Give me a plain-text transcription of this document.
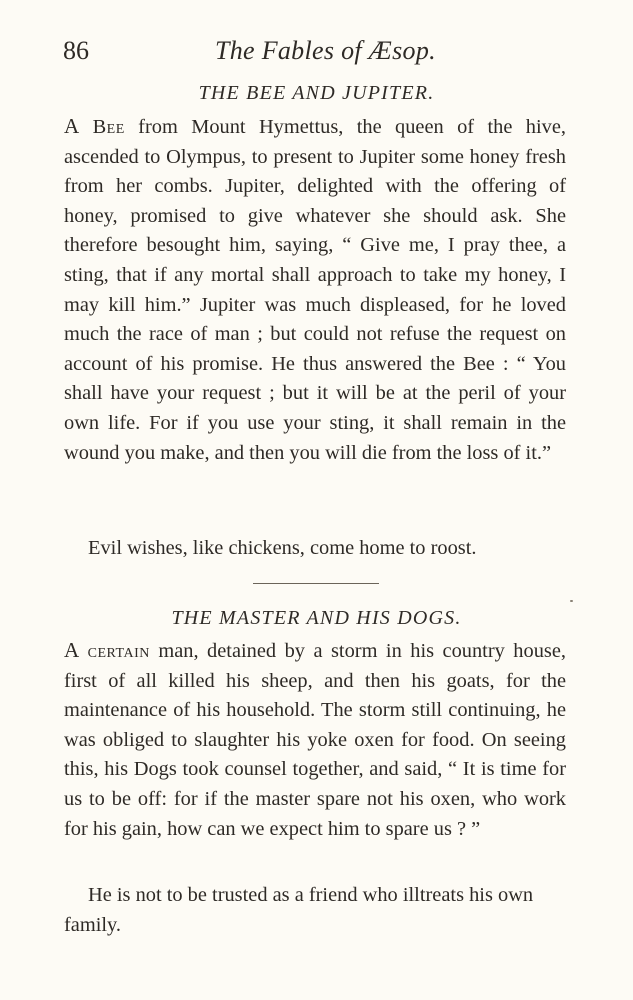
86	The Fables of Æsop.
THE BEE AND JUPITER.

A Bee from Mount Hymettus, the queen of the hive, ascended to Olympus, to present to Jupiter some honey fresh from her combs. Jupiter, delighted with the offering of honey, promised to give whatever she should ask. She therefore besought him, saying, “ Give me, I pray thee, a sting, that if any mortal shall approach to take my honey, I may kill him.” Jupiter was much displeased, for he loved much the race of man ; but could not refuse the request on account of his promise. He thus answered the Bee : “ You shall have your request ; but it will be at the peril of your own life. For if you use your sting, it shall remain in the wound you make, and then you will die from the loss of it.”

Evil wishes, like chickens, come home to roost.

THE MASTER AND HIS DOGS.

A certain man, detained by a storm in his country house, first of all killed his sheep, and then his goats, for the maintenance of his household. The storm still continuing, he was obliged to slaughter his yoke oxen for food. On seeing this, his Dogs took counsel together, and said, “ It is time for us to be off: for if the master spare not his oxen, who work for his gain, how can we expect him to spare us ? ”

He is not to be trusted as a friend who illtreats his own family.
